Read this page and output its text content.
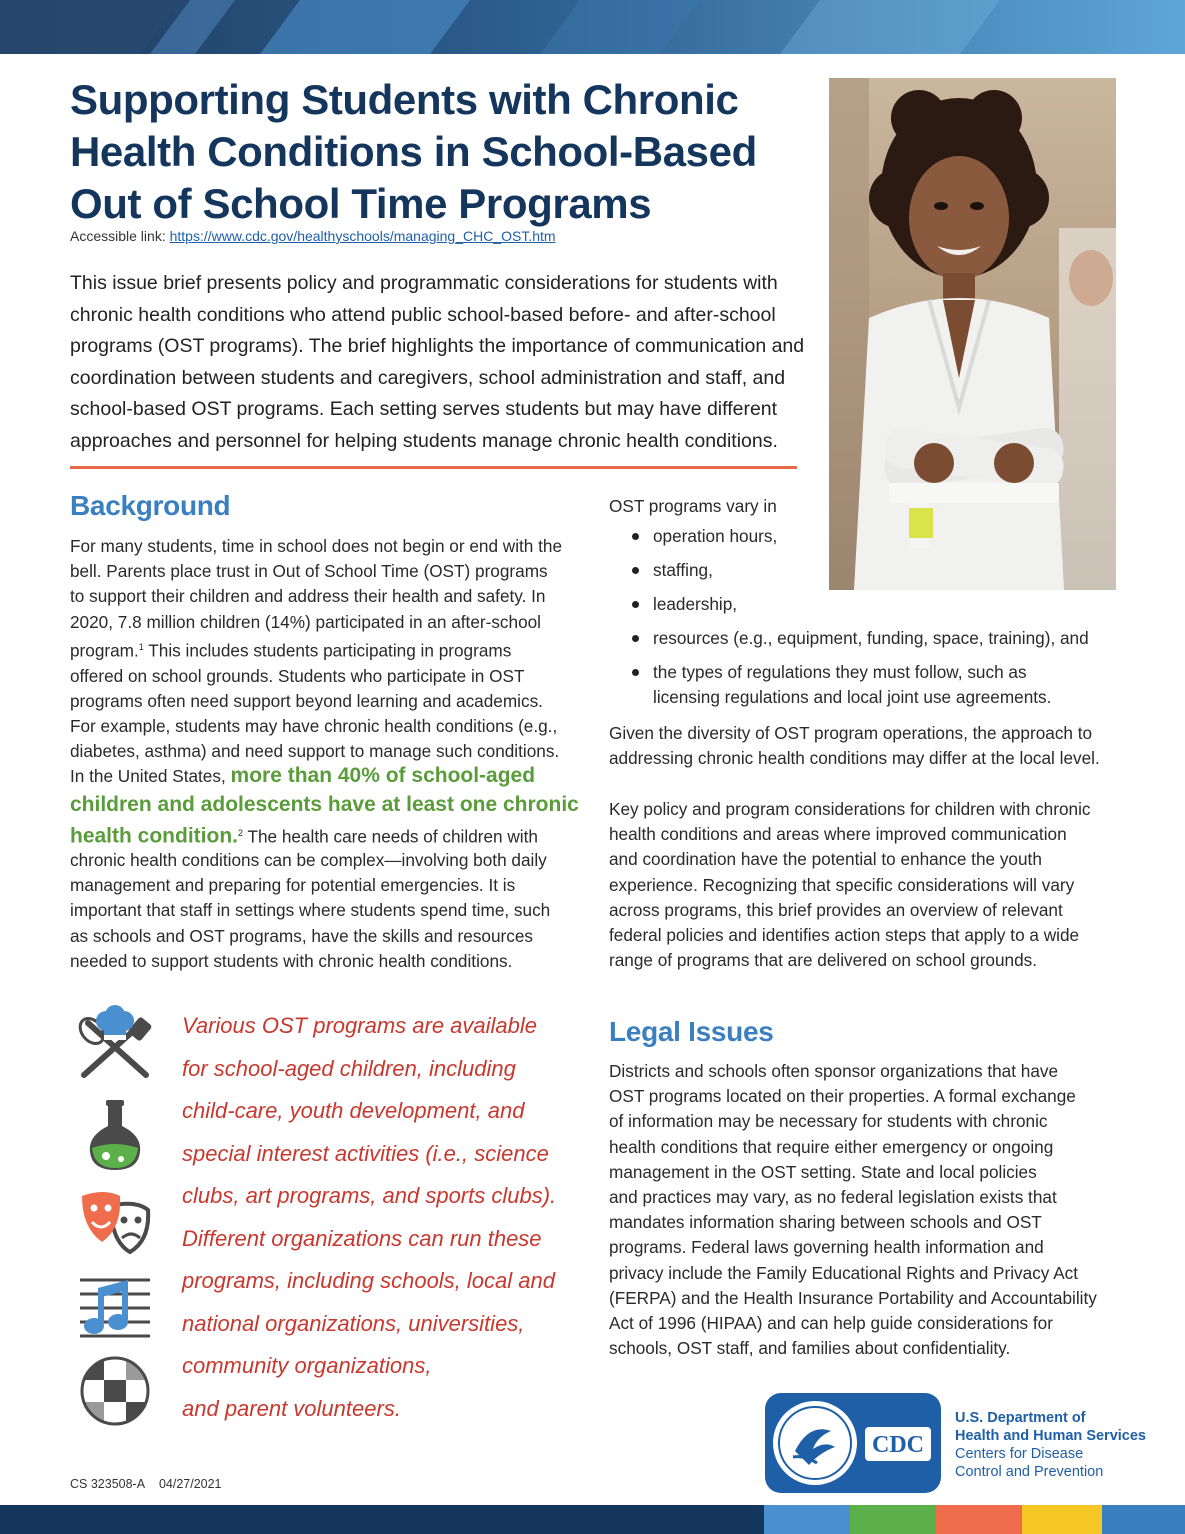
Supporting Students with Chronic
Health Conditions in School-Based
Out of School Time Programs
Accessible link: https://www.cdc.gov/healthyschools/managing_CHC_OST.htm

This issue brief presents policy and programmatic considerations for students with
chronic health conditions who attend public school-based before- and after-school
programs (OST programs). The brief highlights the importance of communication and
coordination between students and caregivers, school administration and staff, and
school-based OST programs. Each setting serves students but may have different
approaches and personnel for helping students manage chronic health conditions.

Background

For many students, time in school does not begin or end with the
bell. Parents place trust in Out of School Time (OST) programs
to support their children and address their health and safety. In
2020, 7.8 million children (14%) participated in an after-school
program.$^1$ This includes students participating in programs
offered on school grounds. Students who participate in OST
programs often need support beyond learning and academics.
For example, students may have chronic health conditions (e.g.,
diabetes, asthma) and need support to manage such conditions.

In the United States, more than 40% of school-aged
children and adolescents have at least one chronic
health condition.$^2$ The health care needs of children with

chronic health conditions can be complex—involving both daily
management and preparing for potential emergencies. It is
important that staff in settings where students spend time, such
as schools and OST programs, have the skills and resources
needed to support students with chronic health conditions.

OST programs vary in
operation hours,
staffing,
leadership,
resources (e.g., equipment, funding, space, training), and
the types of regulations they must follow, such as
licensing regulations and local joint use agreements.

Given the diversity of OST program operations, the approach to
addressing chronic health conditions may differ at the local level.

Key policy and program considerations for children with chronic
health conditions and areas where improved communication
and coordination have the potential to enhance the youth
experience. Recognizing that specific considerations will vary
across programs, this brief provides an overview of relevant
federal policies and identifies action steps that apply to a wide
range of programs that are delivered on school grounds.

Legal Issues

Districts and schools often sponsor organizations that have
OST programs located on their properties. A formal exchange
of information may be necessary for students with chronic
health conditions that require either emergency or ongoing
management in the OST setting. State and local policies
and practices may vary, as no federal legislation exists that
mandates information sharing between schools and OST
programs. Federal laws governing health information and
privacy include the Family Educational Rights and Privacy Act
(FERPA) and the Health Insurance Portability and Accountability
Act of 1996 (HIPAA) and can help guide considerations for
schools, OST staff, and families about confidentiality.

Various OST programs are available
for school-aged children, including
child-care, youth development, and
special interest activities (i.e., science
clubs, art programs, and sports clubs).
Different organizations can run these
programs, including schools, local and
national organizations, universities,
community organizations,
and parent volunteers.

CDC
U.S. Department of
Health and Human Services
Centers for Disease
Control and Prevention
CS 323508-A    04/27/2021
